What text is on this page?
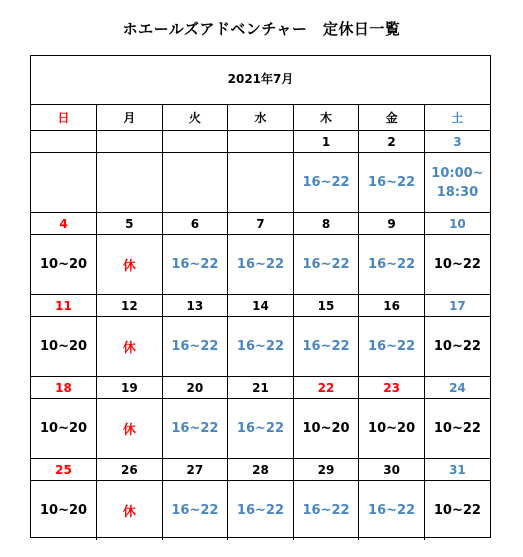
ホエールズアドベンチャー　定休日一覧
2021年7月
日	月	火	水	木	金	土
				1	2	3

				16~22	16~22	10:00~
18:30

4	5	6	7	8	9	10

10~20	休	16~22	16~22	16~22	16~22	10~22

11	12	13	14	15	16	17

10~20	休	16~22	16~22	16~22	16~22	10~22

18	19	20	21	22	23	24

10~20	休	16~22	16~22	10~20	10~20	10~22

25	26	27	28	29	30	31

10~20	休	16~22	16~22	16~22	16~22	10~22
